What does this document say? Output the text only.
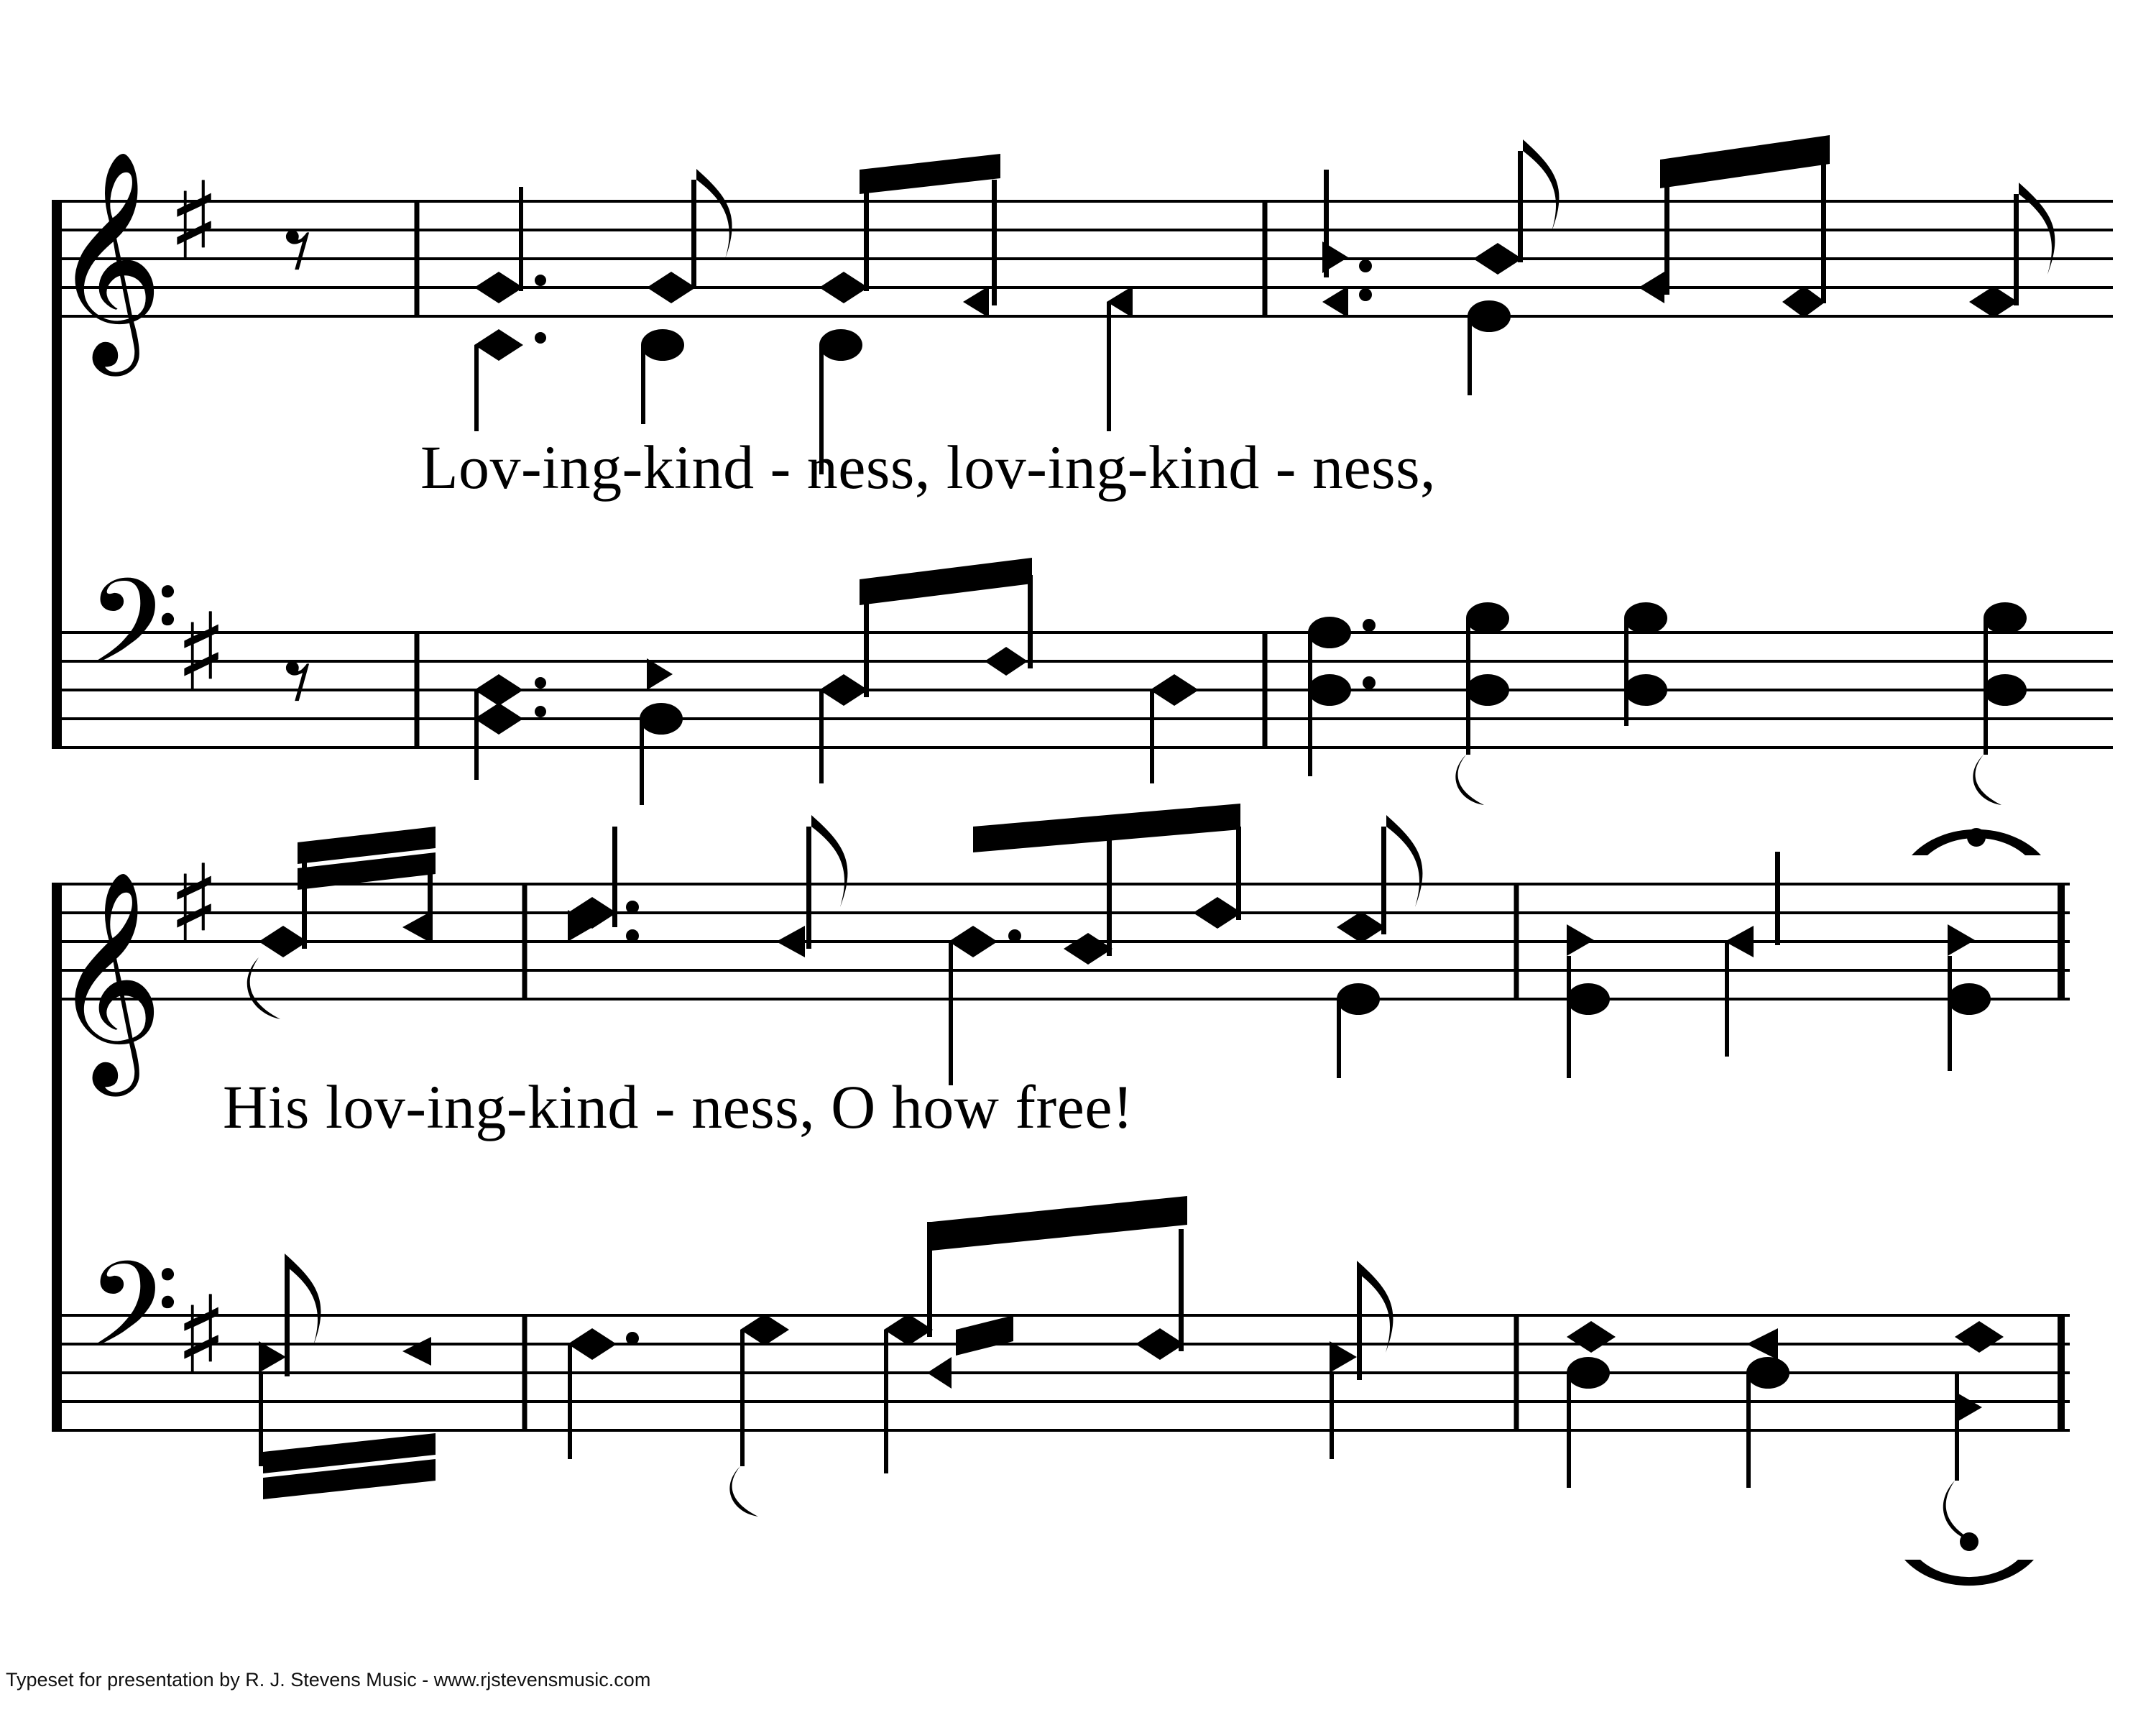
𝄞 ♯ 𝄾
𝄢
♯ 𝄾
𝄞 ♯
𝄢
♯
Lov-ing-kind - ness, lov-ing-kind - ness,
His lov-ing-kind - ness, O how free!
Typeset for presentation by R. J. Stevens Music - www.rjstevensmusic.com
